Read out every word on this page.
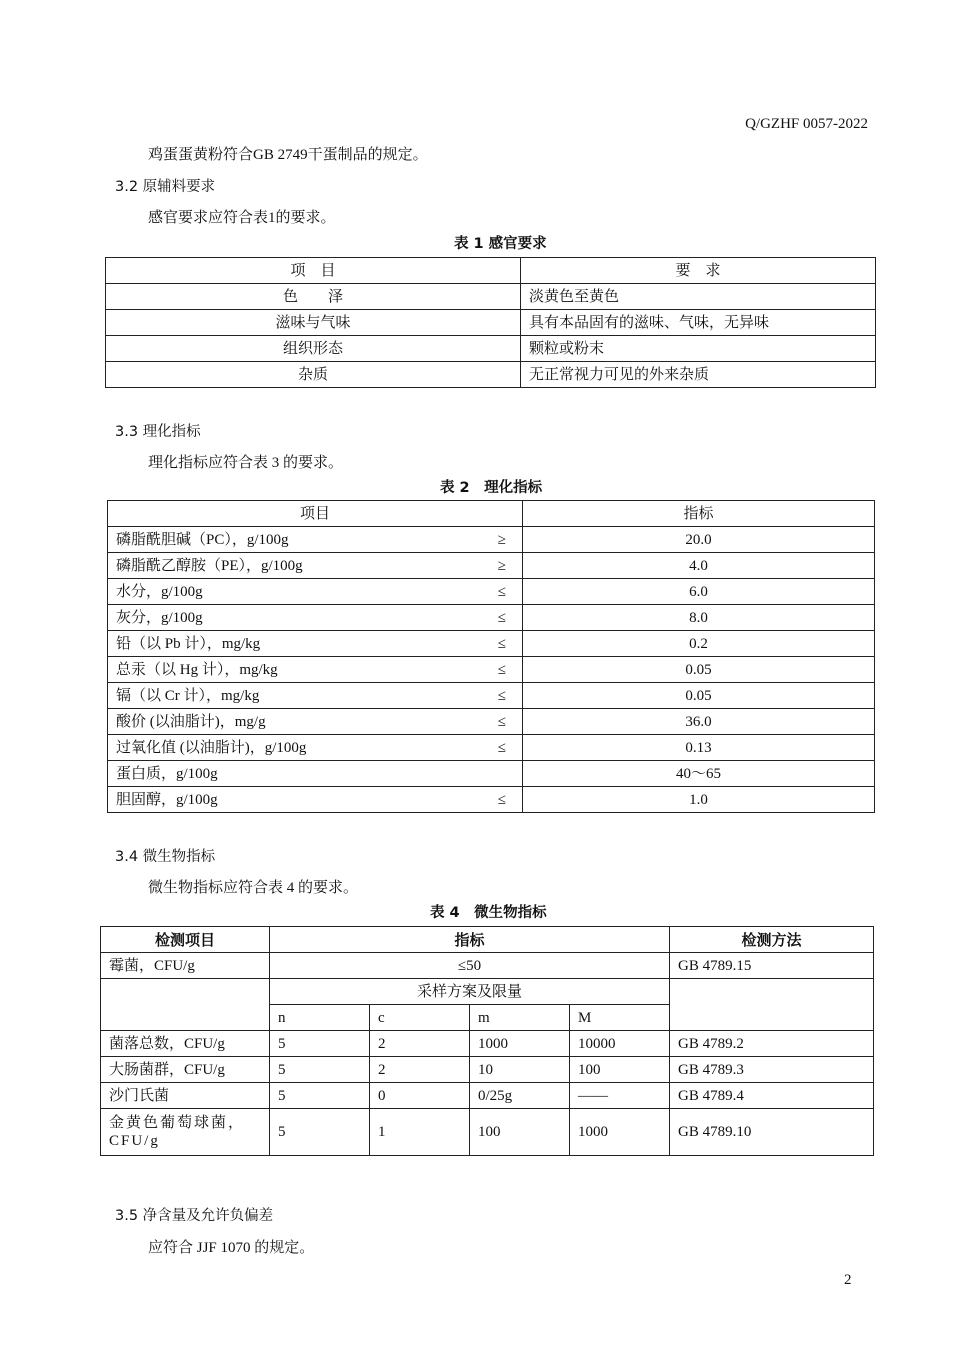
Q/GZHF 0057-2022
鸡蛋蛋黄粉符合GB 2749干蛋制品的规定。
3.2 原辅料要求
感官要求应符合表1的要求。
表 1 感官要求
项　目	要　求
色　　泽	淡黄色至黄色
滋味与气味	具有本品固有的滋味、气味，无异味
组织形态	颗粒或粉末
杂质	无正常视力可见的外来杂质
3.3 理化指标
理化指标应符合表 3 的要求。
表 2　理化指标
项目	指标
磷脂酰胆碱（PC），g/100g ≥	20.0
磷脂酰乙醇胺（PE），g/100g ≥	4.0
水分，g/100g ≤	6.0
灰分，g/100g ≤	8.0
铅（以 Pb 计），mg/kg ≤	0.2
总汞（以 Hg 计），mg/kg ≤	0.05
镉（以 Cr 计），mg/kg ≤	0.05
酸价 (以油脂计)，mg/g ≤	36.0
过氧化值 (以油脂计)，g/100g ≤	0.13
蛋白质，g/100g	40～65
胆固醇，g/100g ≤	1.0
3.4 微生物指标
微生物指标应符合表 4 的要求。
表 4　微生物指标
检测项目	指标				检测方法
霉菌，CFU/g	≤50				GB 4789.15
	采样方案及限量				
	n	c	m	M	
菌落总数，CFU/g	5	2	1000	10000	GB 4789.2
大肠菌群，CFU/g	5	2	10	100	GB 4789.3
沙门氏菌	5	0	0/25g	——	GB 4789.4
金黄色葡萄球菌，CFU/g	5	1	100	1000	GB 4789.10
3.5 净含量及允许负偏差
应符合 JJF 1070 的规定。
2
